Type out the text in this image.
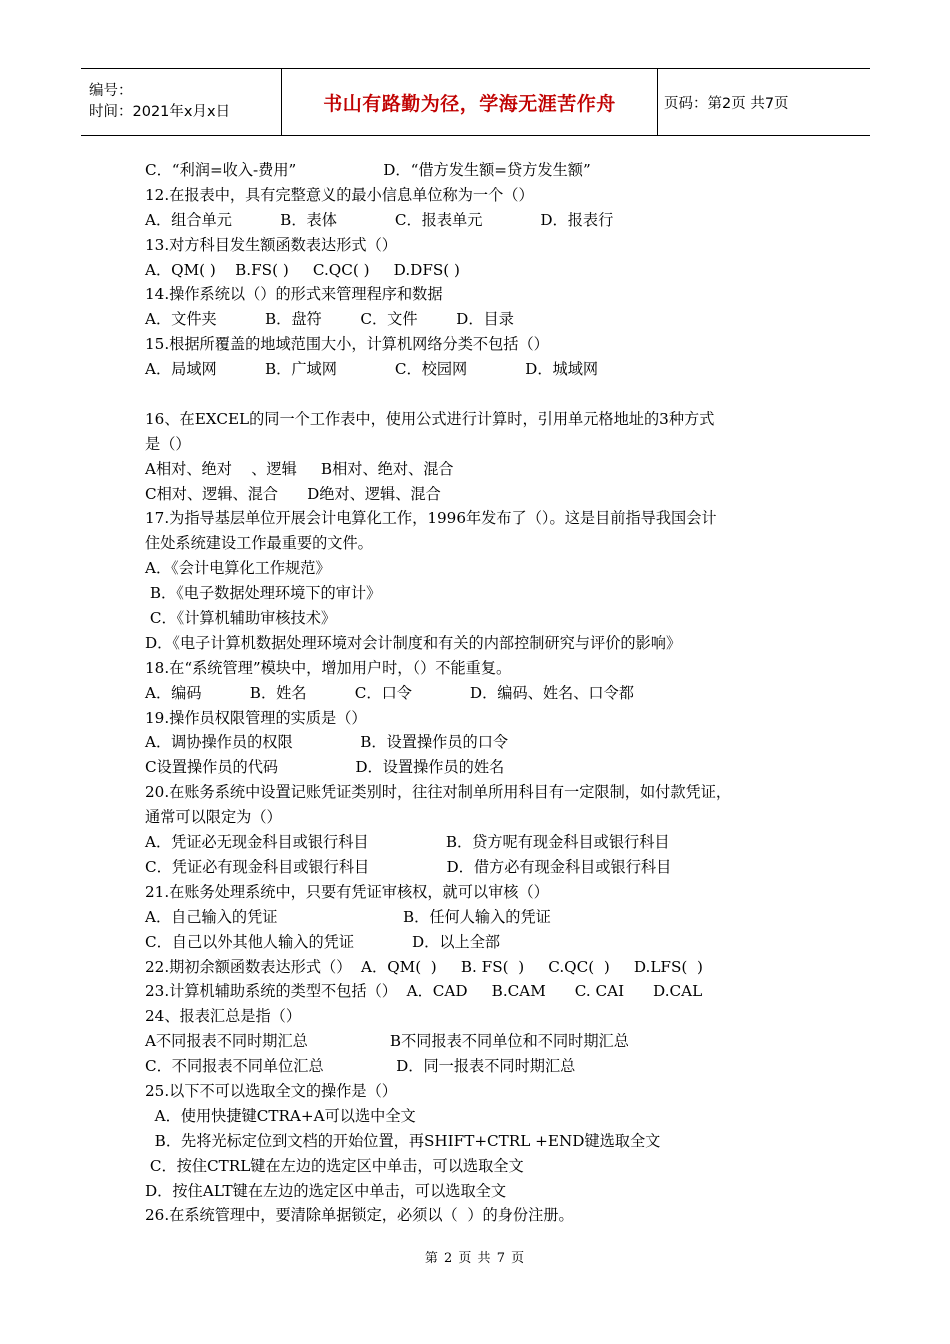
编号：
时间：2021年x月x日	书山有路勤为径，学海无涯苦作舟	页码：第2页 共7页
C．“利润=收入-费用”                  D．“借方发生额=贷方发生额”
12.在报表中，具有完整意义的最小信息单位称为一个（）
A．组合单元          B．表体            C．报表单元            D．报表行
13.对方科目发生额函数表达形式（）
A．QM( )    B.FS( )     C.QC( )     D.DFS( )
14.操作系统以（）的形式来管理程序和数据
A．文件夹          B．盘符        C．文件        D．目录
15.根据所覆盖的地域范围大小，计算机网络分类不包括（）
A．局域网          B．广域网            C．校园网            D．城域网
16、在EXCEL的同一个工作表中，使用公式进行计算时，引用单元格地址的3种方式
是（）
A相对、绝对    、逻辑     B相对、绝对、混合
C相对、逻辑、混合      D绝对、逻辑、混合
17.为指导基层单位开展会计电算化工作，1996年发布了（）。这是目前指导我国会计
住处系统建设工作最重要的文件。
A．《会计电算化工作规范》
B．《电子数据处理环境下的审计》
C．《计算机辅助审核技术》
D．《电子计算机数据处理环境对会计制度和有关的内部控制研究与评价的影响》
18.在“系统管理”模块中，增加用户时，（）不能重复。
A．编码          B．姓名          C．口令            D．编码、姓名、口令都
19.操作员权限管理的实质是（）
A．调协操作员的权限              B．设置操作员的口令
C设置操作员的代码                D．设置操作员的姓名
20.在账务系统中设置记账凭证类别时，往往对制单所用科目有一定限制，如付款凭证，
通常可以限定为（）
A．凭证必无现金科目或银行科目                B．贷方呢有现金科目或银行科目
C．凭证必有现金科目或银行科目                D．借方必有现金科目或银行科目
21.在账务处理系统中，只要有凭证审核权，就可以审核（）
A．自己输入的凭证                          B．任何人输入的凭证
C．自己以外其他人输入的凭证            D．以上全部
22.期初余额函数表达形式（）  A．QM(  )     B. FS(  )     C.QC(  )     D.LFS(  )
23.计算机辅助系统的类型不包括（）  A．CAD     B.CAM      C. CAI      D.CAL
24、报表汇总是指（）
A不同报表不同时期汇总                 B不同报表不同单位和不同时期汇总
C．不同报表不同单位汇总               D．同一报表不同时期汇总
25.以下不可以选取全文的操作是（）
A．使用快捷键CTRA+A可以选中全文
B．先将光标定位到文档的开始位置，再SHIFT+CTRL +END键选取全文
C．按住CTRL键在左边的选定区中单击，可以选取全文
D．按住ALT键在左边的选定区中单击，可以选取全文
26.在系统管理中，要清除单据锁定，必须以（  ）的身份注册。
第 2 页 共 7 页
